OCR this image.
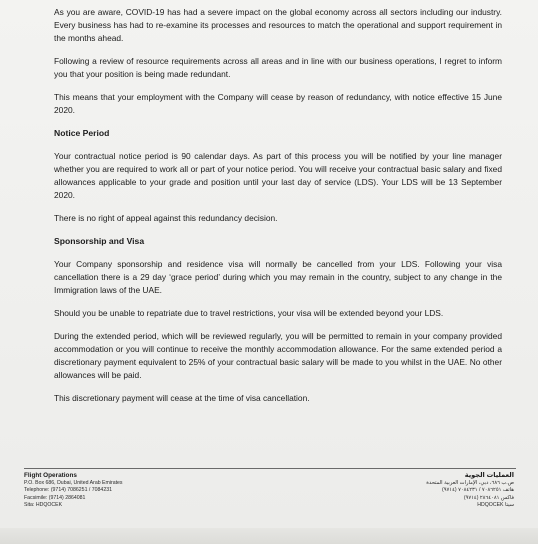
As you are aware, COVID-19 has had a severe impact on the global economy across all sectors including our industry. Every business has had to re-examine its processes and resources to match the operational and support requirement in the months ahead.

Following a review of resource requirements across all areas and in line with our business operations, I regret to inform you that your position is being made redundant.

This means that your employment with the Company will cease by reason of redundancy, with notice effective 15 June 2020.

Notice Period

Your contractual notice period is 90 calendar days. As part of this process you will be notified by your line manager whether you are required to work all or part of your notice period. You will receive your contractual basic salary and fixed allowances applicable to your grade and position until your last day of service (LDS). Your LDS will be 13 September 2020.

There is no right of appeal against this redundancy decision.

Sponsorship and Visa

Your Company sponsorship and residence visa will normally be cancelled from your LDS. Following your visa cancellation there is a 29 day ‘grace period’ during which you may remain in the country, subject to any change in the Immigration laws of the UAE.

Should you be unable to repatriate due to travel restrictions, your visa will be extended beyond your LDS.

During the extended period, which will be reviewed regularly, you will be permitted to remain in your company provided accommodation or you will continue to receive the monthly accommodation allowance. For the same extended period a discretionary payment equivalent to 25% of your contractual basic salary will be made to you whilst in the UAE. No other allowances will be paid.

This discretionary payment will cease at the time of visa cancellation.

Flight Operations
P.O. Box 686, Dubai, United Arab Emirates
Telephone: (9714) 7086251 / 7084231
Facsimile: (9714) 2864081
Sita: HDQOCEK
العمليات الجوية
ص.ب ٦٨٦، دبي، الإمارات العربية المتحدة
هاتف ٧٠٨٦٢٥١ / ٧٠٨٤٢٣١ (٩٧١٤)
فاكس ٢٨٦٤٠٨١ (٩٧١٤)
سيتا HDQOCEK
